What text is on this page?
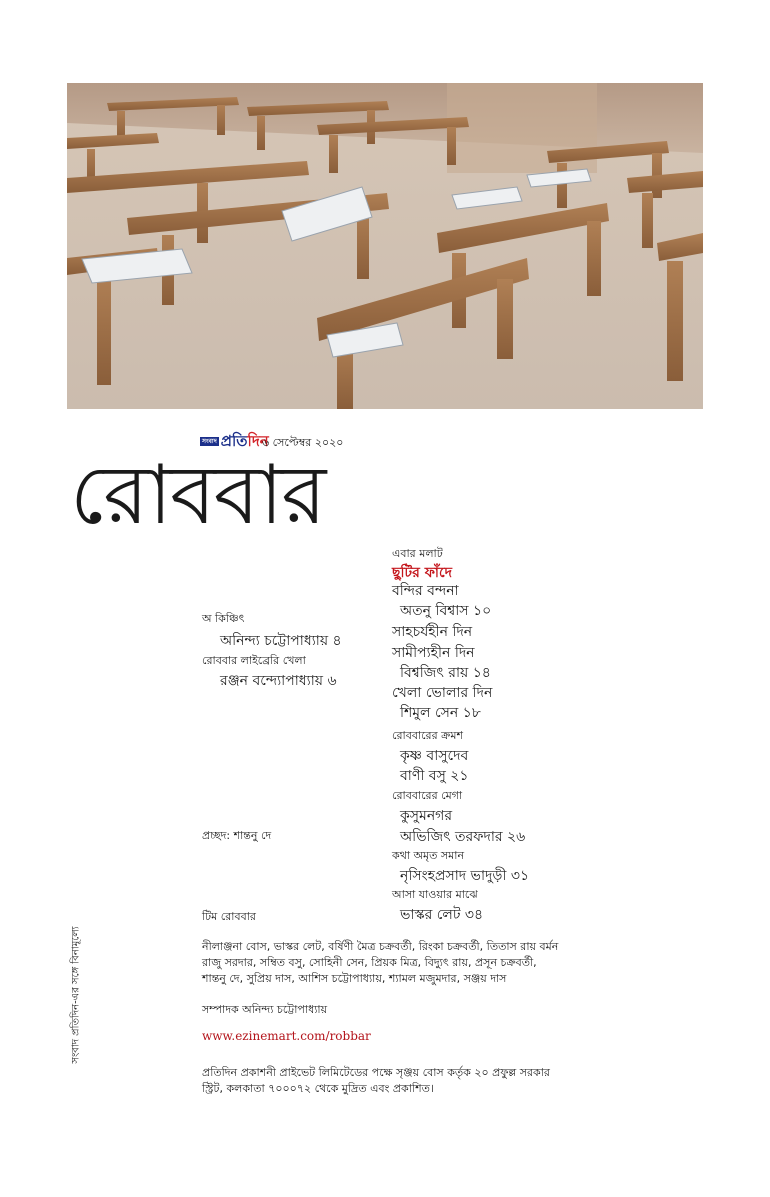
সংবাদ প্রতিদিন
৬ সেপ্টেম্বর ২০২০
রোববার
অ কিঞ্চিৎ
অনিন্দ্য চট্টোপাধ্যায় ৪
রোববার লাইব্রেরি খেলা
রঞ্জন বন্দ্যোপাধ্যায় ৬
এবার মলাট
ছুটির ফাঁদে
বন্দির বন্দনা
অতনু বিশ্বাস ১০
সাহচর্যহীন দিন
সামীপ্যহীন দিন
বিশ্বজিৎ রায় ১৪
খেলা ভোলার দিন
শিমুল সেন ১৮
রোববারের ক্রমশ
কৃষ্ণ বাসুদেব
বাণী বসু ২১
রোববারের মেগা
কুসুমনগর
অভিজিৎ তরফদার ২৬
কথা অমৃত সমান
নৃসিংহপ্রসাদ ভাদুড়ী ৩১
আসা যাওয়ার মাঝে
ভাস্কর লেট ৩৪
প্রচ্ছদ: শান্তনু দে
টিম রোববার
নীলাঞ্জনা বোস, ভাস্কর লেট, বর্ষিণী মৈত্র চক্রবর্তী, রিংকা চক্রবর্তী, তিতাস রায় বর্মন
রাজু সরদার, সম্বিত বসু, সোহিনী সেন, প্রিয়ক মিত্র, বিদ্যুৎ রায়, প্রসূন চক্রবর্তী,
শান্তনু দে, সুপ্রিয় দাস, আশিস চট্টোপাধ্যায়, শ্যামল মজুমদার, সঞ্জয় দাস
সম্পাদক অনিন্দ্য চট্টোপাধ্যায়
www.ezinemart.com/robbar
প্রতিদিন প্রকাশনী প্রাইভেট লিমিটেডের পক্ষে সৃঞ্জয় বোস কর্তৃক ২০ প্রফুল্ল সরকার
স্ট্রিট, কলকাতা ৭০০০৭২ থেকে মুদ্রিত এবং প্রকাশিত।
সংবাদ প্রতিদিন-এর সঙ্গে বিনামূল্যে
